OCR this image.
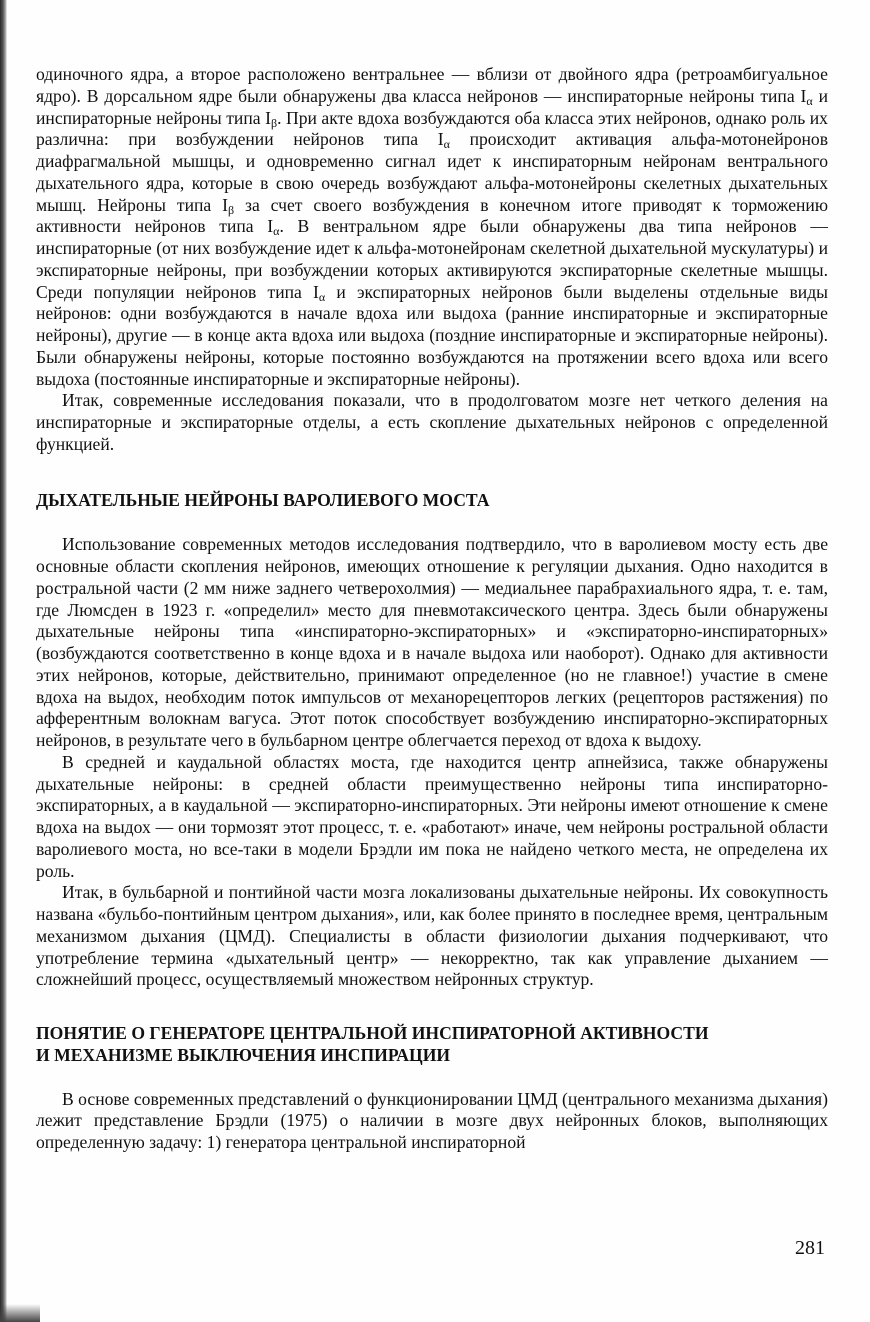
одиночного ядра, а второе расположено вентральнее — вблизи от двойного ядра (ретроамбигуальное ядро). В дорсальном ядре были обнаружены два класса нейронов — инспираторные нейроны типа $I_\alpha$ и инспираторные нейроны типа $I_\beta$. При акте вдоха возбуждаются оба класса этих нейронов, однако роль их различна: при возбуждении нейронов типа $I_\alpha$ происходит активация альфа-мотонейронов диафрагмальной мышцы, и одновременно сигнал идет к инспираторным нейронам вентрального дыхательного ядра, которые в свою очередь возбуждают альфа-мотонейроны скелетных дыхательных мышц. Нейроны типа $I_\beta$ за счет своего возбуждения в конечном итоге приводят к торможению активности нейронов типа $I_\alpha$. В вентральном ядре были обнаружены два типа нейронов — инспираторные (от них возбуждение идет к альфа-мотонейронам скелетной дыхательной мускулатуры) и экспираторные нейроны, при возбуждении которых активируются экспираторные скелетные мышцы. Среди популяции нейронов типа $I_\alpha$ и экспираторных нейронов были выделены отдельные виды нейронов: одни возбуждаются в начале вдоха или выдоха (ранние инспираторные и экспираторные нейроны), другие — в конце акта вдоха или выдоха (поздние инспираторные и экспираторные нейроны). Были обнаружены нейроны, которые постоянно возбуждаются на протяжении всего вдоха или всего выдоха (постоянные инспираторные и экспираторные нейроны).

Итак, современные исследования показали, что в продолговатом мозге нет четкого деления на инспираторные и экспираторные отделы, а есть скопление дыхательных нейронов с определенной функцией.

ДЫХАТЕЛЬНЫЕ НЕЙРОНЫ ВАРОЛИЕВОГО МОСТА

Использование современных методов исследования подтвердило, что в варолиевом мосту есть две основные области скопления нейронов, имеющих отношение к регуляции дыхания. Одно находится в ростральной части (2 мм ниже заднего четверохолмия) — медиальнее парабрахиального ядра, т. е. там, где Люмсден в 1923 г. «определил» место для пневмотаксического центра. Здесь были обнаружены дыхательные нейроны типа «инспираторно-экспираторных» и «экспираторно-инспираторных» (возбуждаются соответственно в конце вдоха и в начале выдоха или наоборот). Однако для активности этих нейронов, которые, действительно, принимают определенное (но не главное!) участие в смене вдоха на выдох, необходим поток импульсов от механорецепторов легких (рецепторов растяжения) по афферентным волокнам вагуса. Этот поток способствует возбуждению инспираторно-экспираторных нейронов, в результате чего в бульбарном центре облегчается переход от вдоха к выдоху.

В средней и каудальной областях моста, где находится центр апнейзиса, также обнаружены дыхательные нейроны: в средней области преимущественно нейроны типа инспираторно-экспираторных, а в каудальной — экспираторно-инспираторных. Эти нейроны имеют отношение к смене вдоха на выдох — они тормозят этот процесс, т. е. «работают» иначе, чем нейроны ростральной области варолиевого моста, но все-таки в модели Брэдли им пока не найдено четкого места, не определена их роль.

Итак, в бульбарной и понтийной части мозга локализованы дыхательные нейроны. Их совокупность названа «бульбо-понтийным центром дыхания», или, как более принято в последнее время, центральным механизмом дыхания (ЦМД). Специалисты в области физиологии дыхания подчеркивают, что употребление термина «дыхательный центр» — некорректно, так как управление дыханием — сложнейший процесс, осуществляемый множеством нейронных структур.

ПОНЯТИЕ О ГЕНЕРАТОРЕ ЦЕНТРАЛЬНОЙ ИНСПИРАТОРНОЙ АКТИВНОСТИ
И МЕХАНИЗМЕ ВЫКЛЮЧЕНИЯ ИНСПИРАЦИИ

В основе современных представлений о функционировании ЦМД (центрального механизма дыхания) лежит представление Брэдли (1975) о наличии в мозге двух нейронных блоков, выполняющих определенную задачу: 1) генератора центральной инспираторной

281
